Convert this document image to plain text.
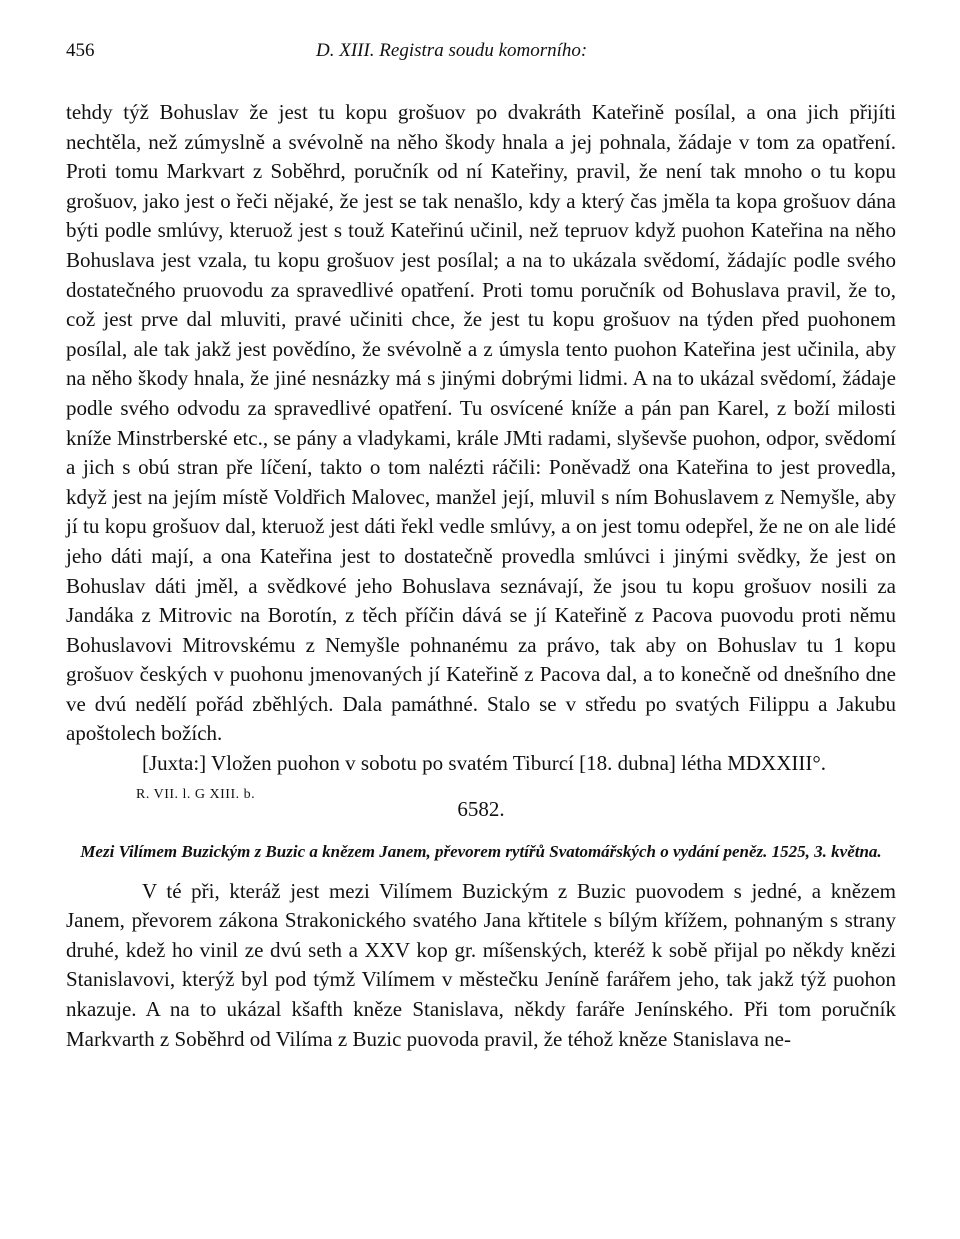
456	D. XIII. Registra soudu komorního:

tehdy týž Bohuslav že jest tu kopu grošuov po dvakráth Kateřině posílal, a ona jich přijíti nechtěla, než zúmyslně a svévolně na něho škody hnala a jej pohnala, žádaje v tom za opatření. Proti tomu Markvart z Soběhrd, poručník od ní Kateřiny, pravil, že není tak mnoho o tu kopu grošuov, jako jest o řeči nějaké, že jest se tak nenašlo, kdy a který čas jměla ta kopa grošuov dána býti podle smlúvy, kteruož jest s touž Kateřinú učinil, než tepruov když puohon Kateřina na něho Bohuslava jest vzala, tu kopu grošuov jest posílal; a na to ukázala svědomí, žádajíc podle svého dostatečného pruovodu za spravedlivé opatření. Proti tomu poručník od Bohuslava pravil, že to, což jest prve dal mluviti, pravé učiniti chce, že jest tu kopu grošuov na týden před puohonem posílal, ale tak jakž jest povědíno, že svévolně a z úmysla tento puohon Kateřina jest učinila, aby na něho škody hnala, že jiné nesnázky má s jinými dobrými lidmi. A na to ukázal svědomí, žádaje podle svého odvodu za spravedlivé opatření. Tu osvícené kníže a pán pan Karel, z boží milosti kníže Minstrberské etc., se pány a vladykami, krále JMti radami, slyševše puohon, odpor, svědomí a jich s obú stran pře líčení, takto o tom nalézti ráčili: Poněvadž ona Kateřina to jest provedla, když jest na jejím místě Voldřich Malovec, manžel její, mluvil s ním Bohuslavem z Nemyšle, aby jí tu kopu grošuov dal, kteruož jest dáti řekl vedle smlúvy, a on jest tomu odepřel, že ne on ale lidé jeho dáti mají, a ona Kateřina jest to dostatečně provedla smlúvci i jinými svědky, že jest on Bohuslav dáti jměl, a svědkové jeho Bohuslava seznávají, že jsou tu kopu grošuov nosili za Jandáka z Mitrovic na Borotín, z těch příčin dává se jí Kateřině z Pacova puovodu proti němu Bohuslavovi Mitrovskému z Nemyšle pohnanému za právo, tak aby on Bohuslav tu 1 kopu grošuov českých v puohonu jmenovaných jí Kateřině z Pacova dal, a to konečně od dnešního dne ve dvú nedělí pořád zběhlých. Dala památhné. Stalo se v středu po svatých Filippu a Jakubu apoštolech božích.

[Juxta:] Vložen puohon v sobotu po svatém Tiburcí [18. dubna] létha MDXXIII°.

R. VII. l. G XIII. b.
6582.

Mezi Vilímem Buzickým z Buzic a knězem Janem, převorem rytířů Svatomářských o vydání peněz. 1525, 3. května.

V té při, kteráž jest mezi Vilímem Buzickým z Buzic puovodem s jedné, a knězem Janem, převorem zákona Strakonického svatého Jana křtitele s bílým křížem, pohnaným s strany druhé, kdež ho vinil ze dvú seth a XXV kop gr. míšenských, kteréž k sobě přijal po někdy knězi Stanislavovi, kterýž byl pod týmž Vilímem v městečku Jeníně farářem jeho, tak jakž týž puohon nkazuje. A na to ukázal kšafth kněze Stanislava, někdy faráře Jenínského. Při tom poručník Markvarth z Soběhrd od Vilíma z Buzic puovoda pravil, že téhož kněze Stanislava ne-
